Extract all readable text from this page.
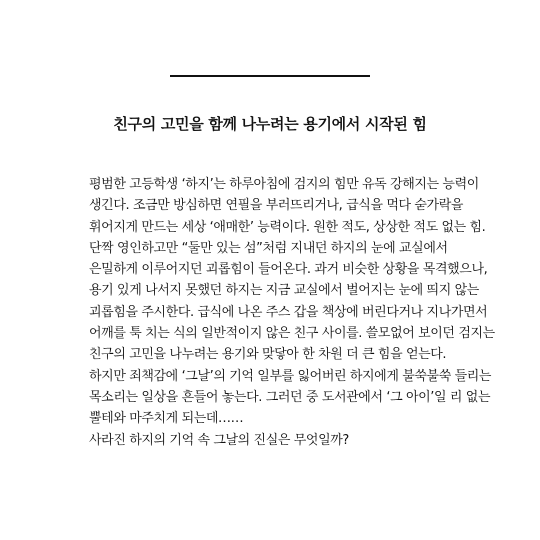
친구의 고민을 함께 나누려는 용기에서 시작된 힘

평범한 고등학생 ‘하지’는 하루아침에 검지의 힘만 유독 강해지는 능력이
생긴다. 조금만 방심하면 연필을 부러뜨리거나, 급식을 먹다 숟가락을
휘어지게 만드는 세상 ‘애매한’ 능력이다. 원한 적도, 상상한 적도 없는 힘.
단짝 영인하고만 “둘만 있는 섬”처럼 지내던 하지의 눈에 교실에서
은밀하게 이루어지던 괴롭힘이 들어온다. 과거 비슷한 상황을 목격했으나,
용기 있게 나서지 못했던 하지는 지금 교실에서 벌어지는 눈에 띄지 않는
괴롭힘을 주시한다. 급식에 나온 주스 갑을 책상에 버린다거나 지나가면서
어깨를 툭 치는 식의 일반적이지 않은 친구 사이를. 쓸모없어 보이던 검지는
친구의 고민을 나누려는 용기와 맞닿아 한 차원 더 큰 힘을 얻는다.
하지만 죄책감에 ‘그날’의 기억 일부를 잃어버린 하지에게 불쑥불쑥 들리는
목소리는 일상을 흔들어 놓는다. 그러던 중 도서관에서 ‘그 아이’일 리 없는
뿔테와 마주치게 되는데……
사라진 하지의 기억 속 그날의 진실은 무엇일까?
